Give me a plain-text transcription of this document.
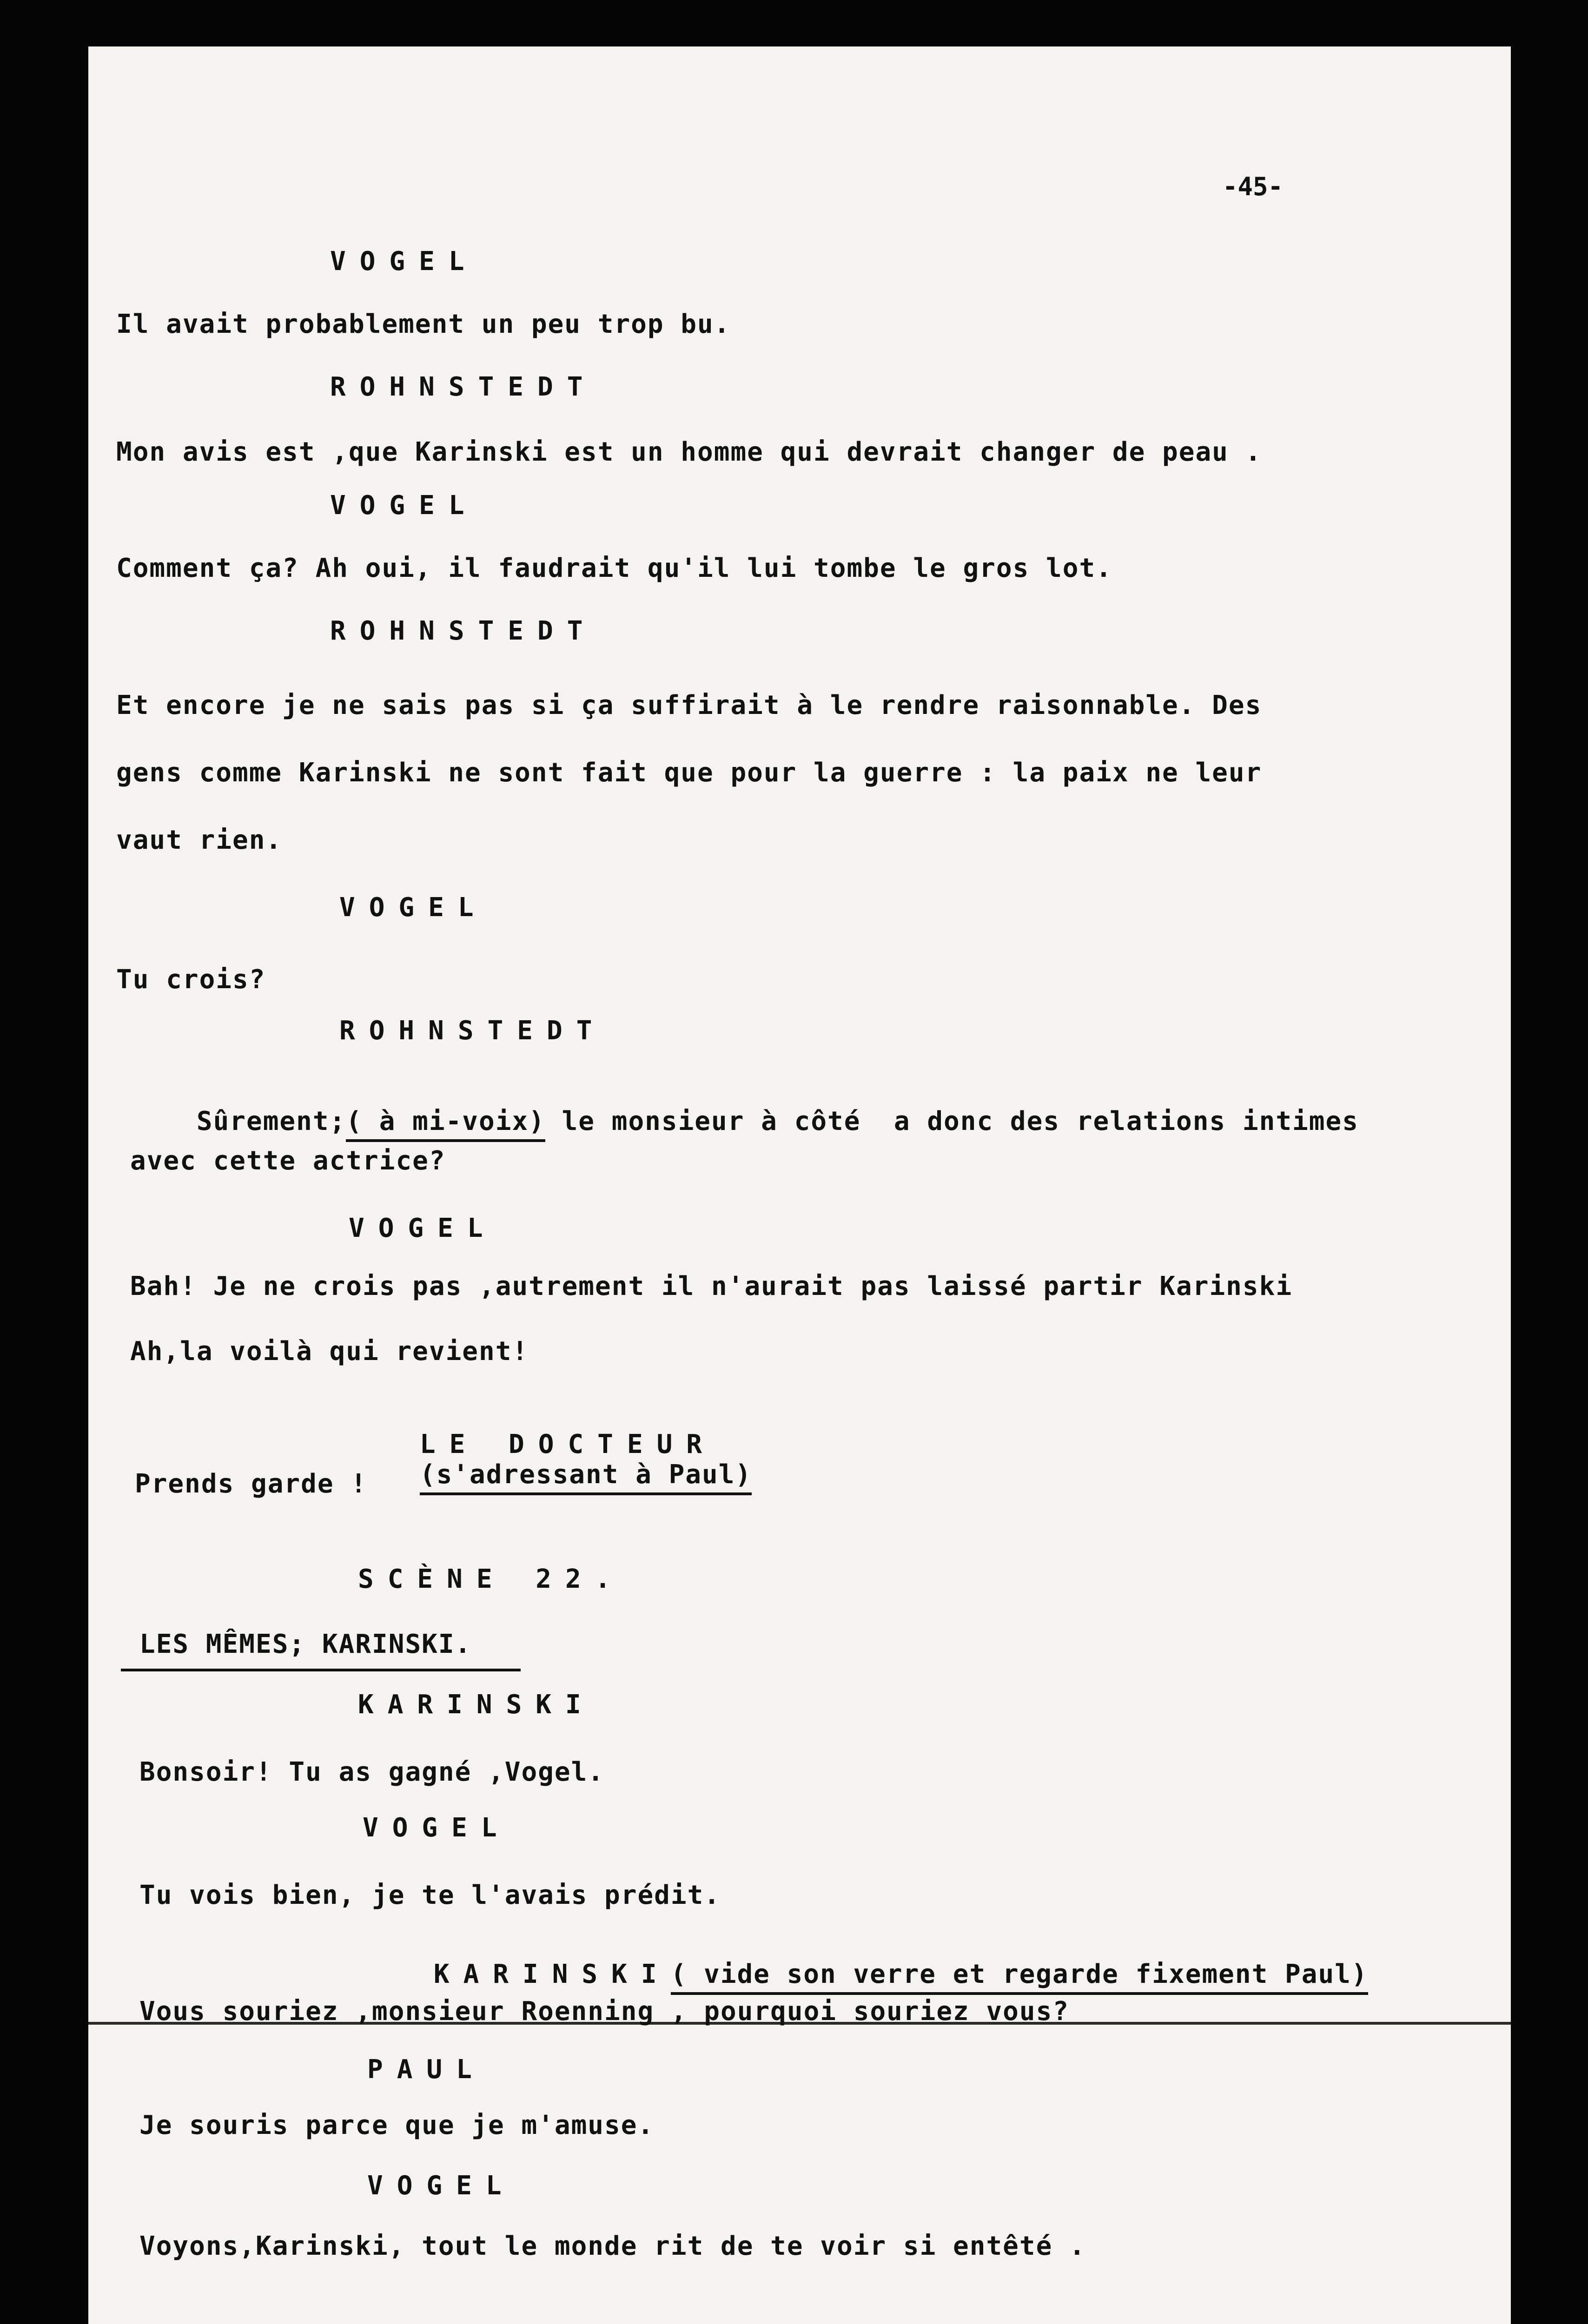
-45-
VOGEL
Il avait probablement un peu trop bu.
ROHNSTEDT
Mon avis est ,que Karinski est un homme qui devrait changer de peau .
VOGEL
Comment ça? Ah oui, il faudrait qu'il lui tombe le gros lot.
ROHNSTEDT
Et encore je ne sais pas si ça suffirait à le rendre raisonnable. Des
gens comme Karinski ne sont fait que pour la guerre : la paix ne leur
vaut rien.
VOGEL
Tu crois?
ROHNSTEDT

Sûrement;( à mi-voix) le monsieur à côté  a donc des relations intimes

avec cette actrice?
VOGEL
Bah! Je ne crois pas ,autrement il n'aurait pas laissé partir Karinski
Ah,la voilà qui revient!

LE DOCTEUR
(s'adressant à Paul)

Prends garde !
SCÈNE 22.
LES MÊMES; KARINSKI.
KARINSKI
Bonsoir! Tu as gagné ,Vogel.
VOGEL
Tu vois bien, je te l'avais prédit.

KARINSKI( vide son verre et regarde fixement Paul)

Vous souriez ,monsieur Roenning , pourquoi souriez vous?
PAUL
Je souris parce que je m'amuse.
VOGEL
Voyons,Karinski, tout le monde rit de te voir si entêté .
